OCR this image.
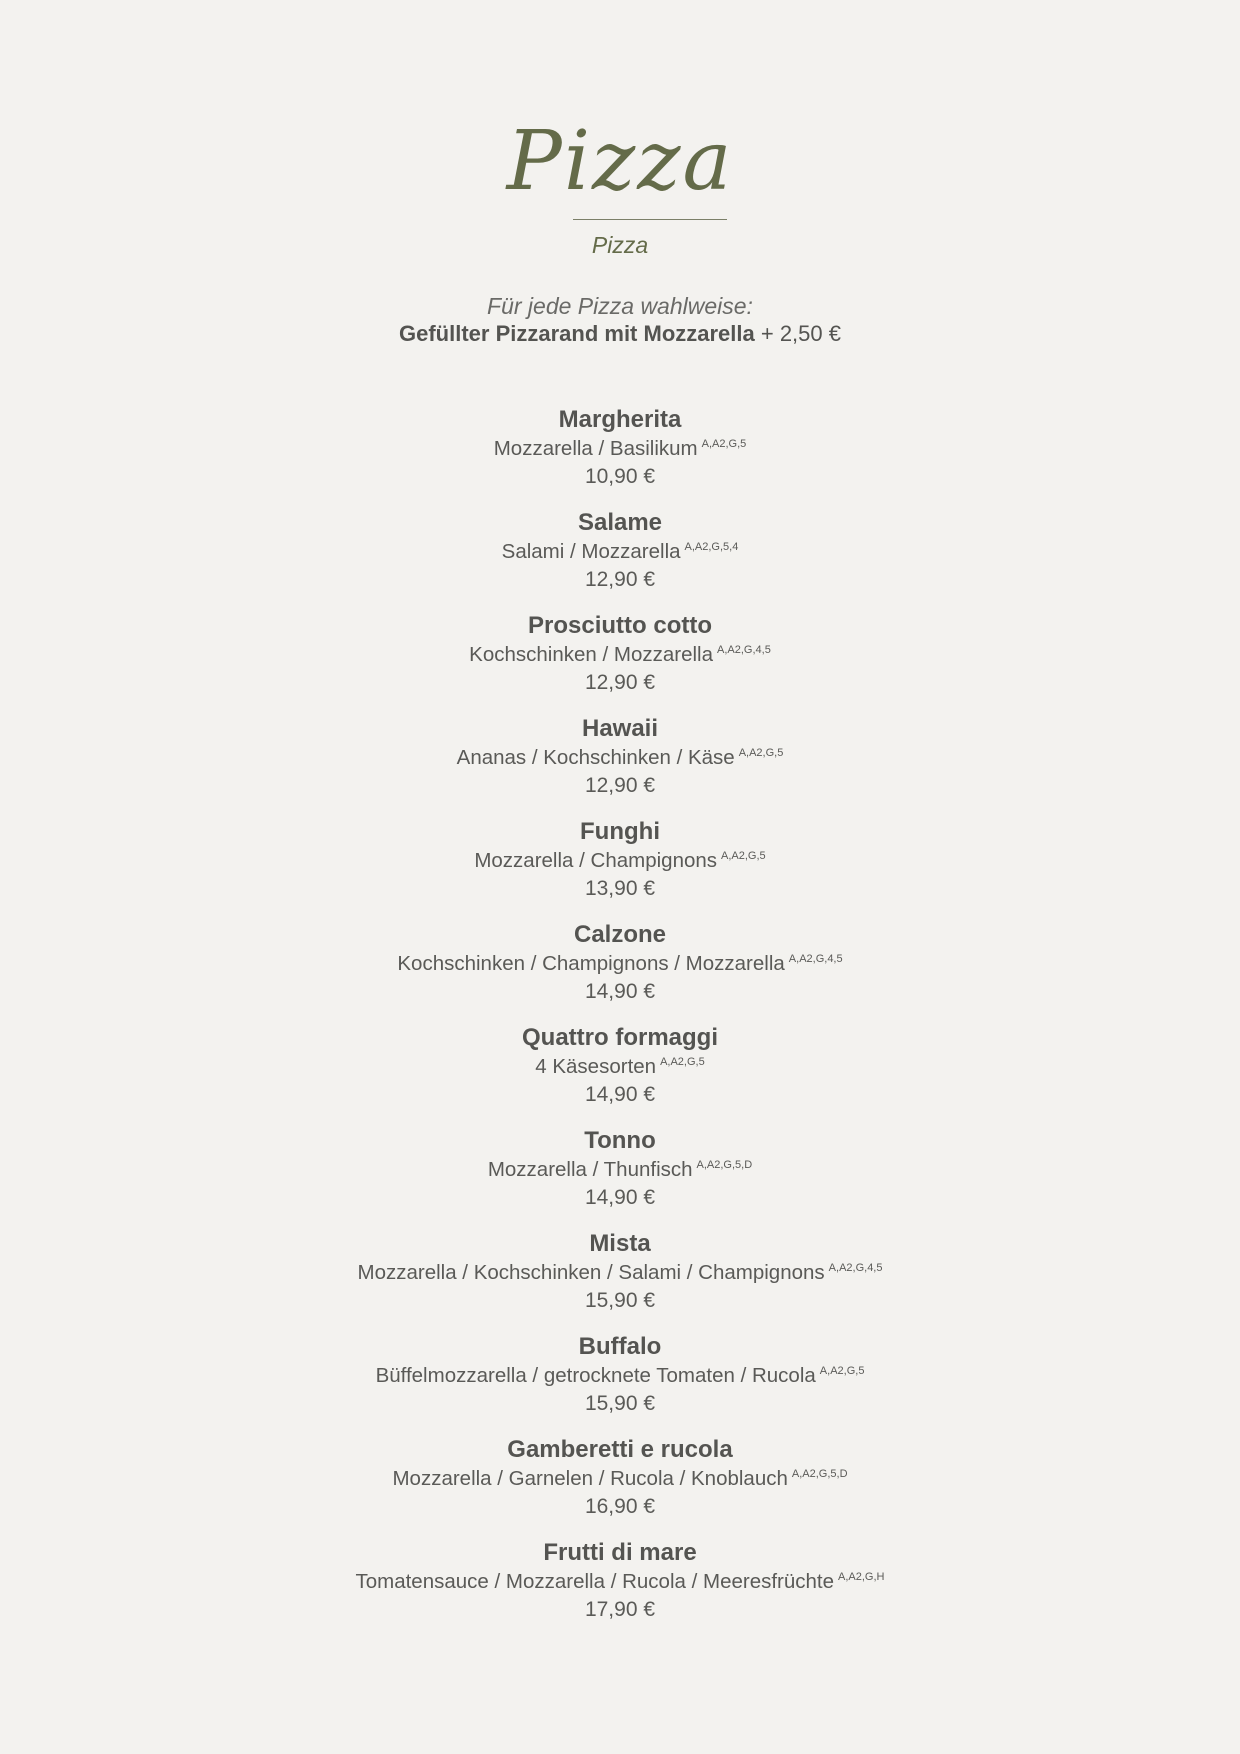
Pizza
Pizza
Für jede Pizza wahlweise:
Gefüllter Pizzarand mit Mozzarella + 2,50 €
Margherita
Mozzarella / Basilikum $^{A,A2,G,5}$
10,90 €
Salame
Salami / Mozzarella $^{A,A2,G,5,4}$
12,90 €
Prosciutto cotto
Kochschinken / Mozzarella $^{A,A2,G,4,5}$
12,90 €
Hawaii
Ananas / Kochschinken / Käse $^{A,A2,G,5}$
12,90 €
Funghi
Mozzarella / Champignons $^{A,A2,G,5}$
13,90 €
Calzone
Kochschinken / Champignons / Mozzarella $^{A,A2,G,4,5}$
14,90 €
Quattro formaggi
4 Käsesorten $^{A,A2,G,5}$
14,90 €
Tonno
Mozzarella / Thunfisch $^{A,A2,G,5,D}$
14,90 €
Mista
Mozzarella / Kochschinken / Salami / Champignons $^{A,A2,G,4,5}$
15,90 €
Buffalo
Büffelmozzarella / getrocknete Tomaten / Rucola $^{A,A2,G,5}$
15,90 €
Gamberetti e rucola
Mozzarella / Garnelen / Rucola / Knoblauch $^{A,A2,G,5,D}$
16,90 €
Frutti di mare
Tomatensauce / Mozzarella / Rucola / Meeresfrüchte $^{A,A2,G,H}$
17,90 €
